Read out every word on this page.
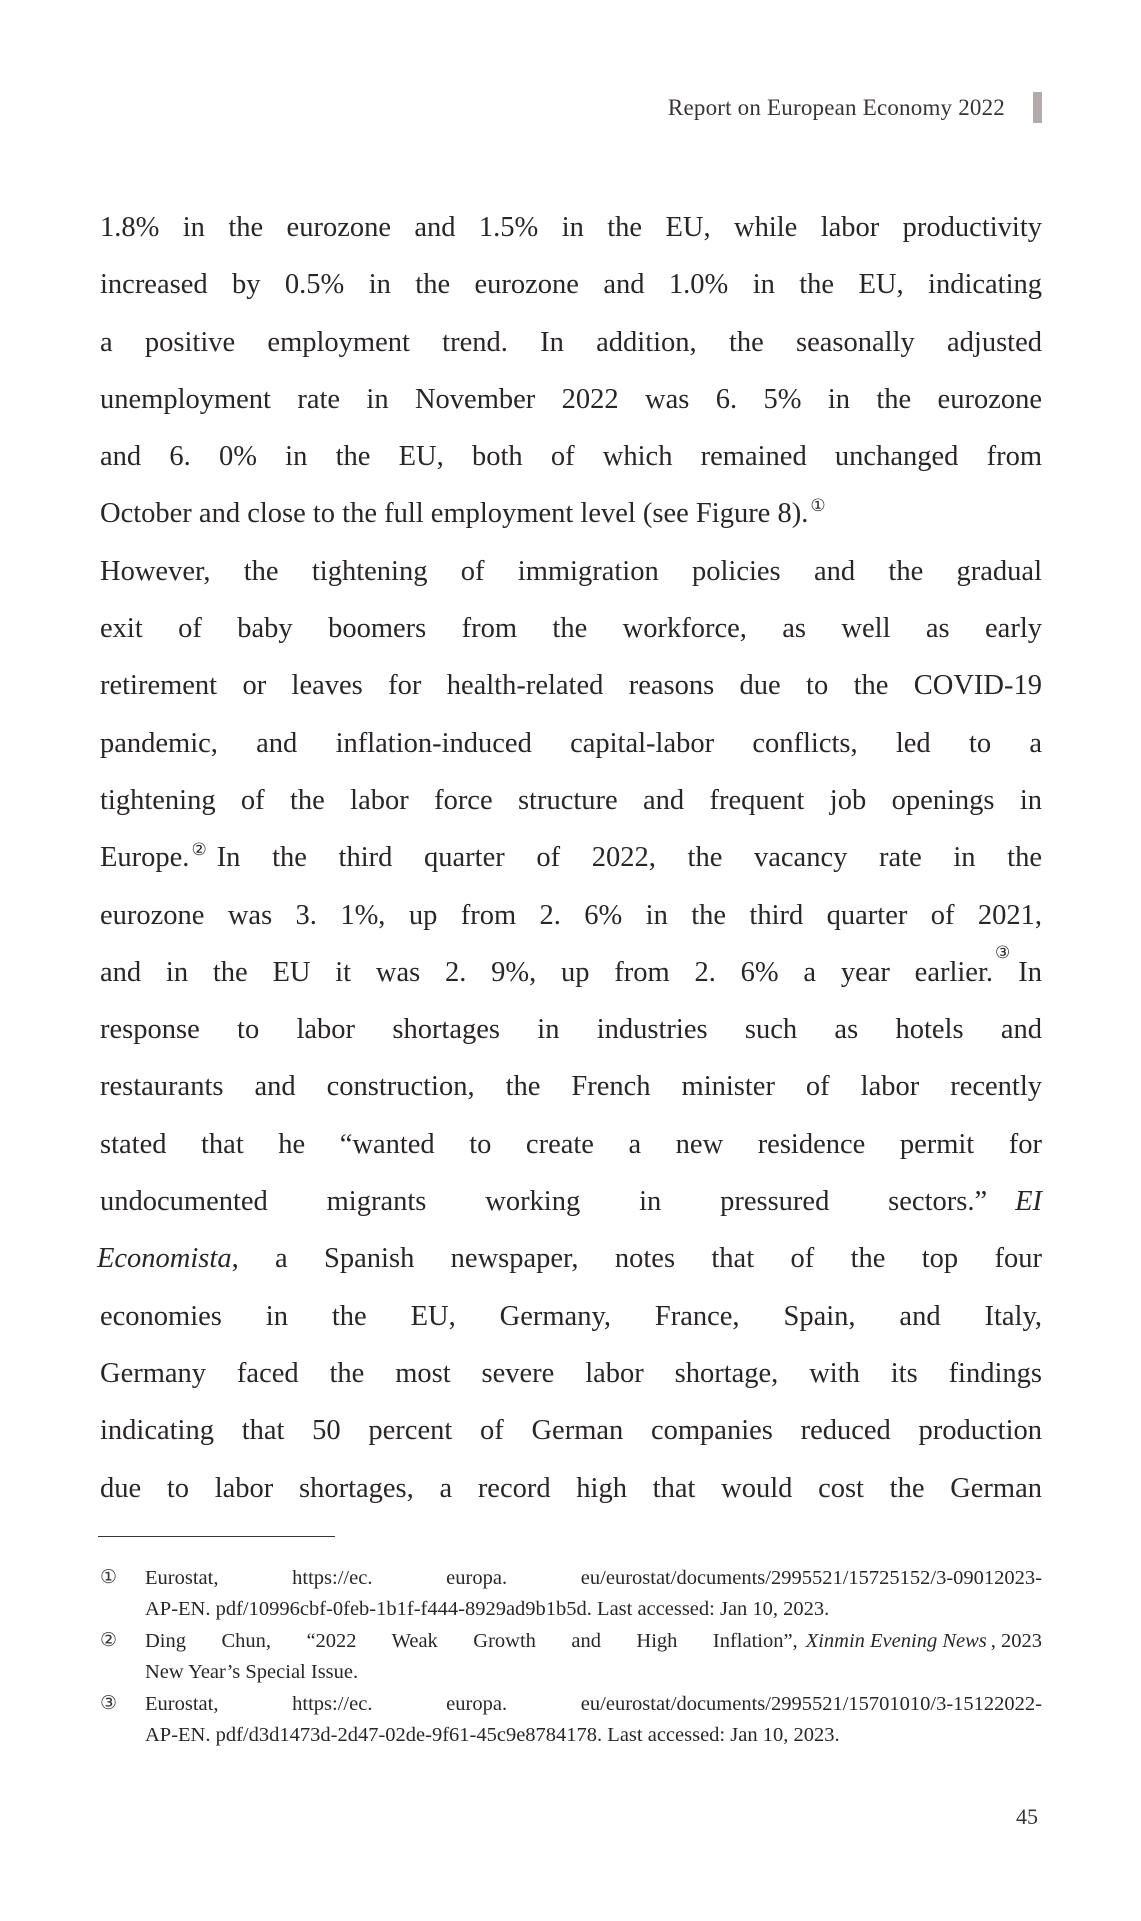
Report on European Economy 2022
1.8% in the eurozone and 1.5% in the EU, while labor productivity
increased by 0.5% in the eurozone and 1.0% in the EU, indicating
a positive employment trend. In addition, the seasonally adjusted
unemployment rate in November 2022 was 6. 5% in the eurozone
and 6. 0% in the EU, both of which remained unchanged from
October and close to the full employment level (see Figure 8). ①
However, the tightening of immigration policies and the gradual
exit of baby boomers from the workforce, as well as early
retirement or leaves for health-related reasons due to the COVID-19
pandemic, and inflation-induced capital-labor conflicts, led to a
tightening of the labor force structure and frequent job openings in
Europe. ② In the third quarter of 2022, the vacancy rate in the
eurozone was 3. 1%, up from 2. 6% in the third quarter of 2021,
and in the EU it was 2. 9%, up from 2. 6% a year earlier.
③
In
response to labor shortages in industries such as hotels and
restaurants and construction, the French minister of labor recently
stated that he “wanted to create a new residence permit for
undocumented migrants working in pressured sectors.” EI
Economista , a Spanish newspaper, notes that of the top four
economies in the EU, Germany, France, Spain, and Italy,
Germany faced the most severe labor shortage, with its findings
indicating that 50 percent of German companies reduced production
due to labor shortages, a record high that would cost the German
① Eurostat, https://ec. europa. eu/eurostat/documents/2995521/15725152/3-09012023-
AP-EN. pdf/10996cbf-0feb-1b1f-f444-8929ad9b1b5d. Last accessed: Jan 10, 2023.
② Ding Chun, “2022 Weak Growth and High Inflation”, Xinmin Evening News , 2023
New Year’s Special Issue.
③ Eurostat, https://ec. europa. eu/eurostat/documents/2995521/15701010/3-15122022-
AP-EN. pdf/d3d1473d-2d47-02de-9f61-45c9e8784178. Last accessed: Jan 10, 2023.
45
